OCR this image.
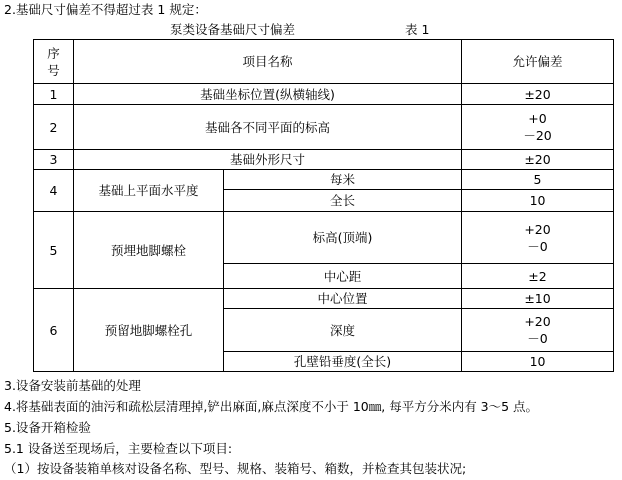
2.基础尺寸偏差不得超过表 1 规定：
泵类设备基础尺寸偏差	表 1
序
号	项目名称		允许偏差
1	基础坐标位置(纵横轴线)		±20
2	基础各不同平面的标高		+0
－20

3	基础外形尺寸		±20
4	基础上平面水平度	每米	5
		全长	10
5	预埋地脚螺栓	标高(顶端)	+20
－0

		中心距	±2
6	预留地脚螺栓孔	中心位置	±10
		深度	+20
－0

		孔壁铅垂度(全长)	10
3.设备安装前基础的处理
4.将基础表面的油污和疏松层清理掉,铲出麻面,麻点深度不小于 10㎜, 每平方分米内有 3～5 点。
5.设备开箱检验
5.1 设备送至现场后，主要检查以下项目:
（1）按设备装箱单核对设备名称、型号、规格、装箱号、箱数，并检查其包装状况;
